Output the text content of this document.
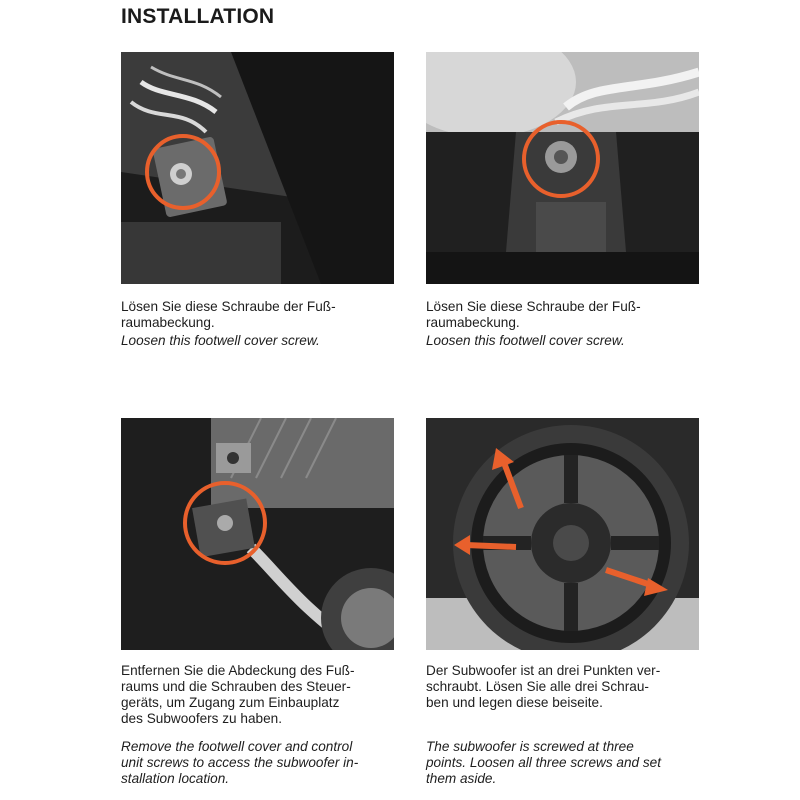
INSTALLATION

Lösen Sie diese Schraube der Fuß-
raumabeckung.

Loosen this footwell cover screw.

Lösen Sie diese Schraube der Fuß-
raumabeckung.

Loosen this footwell cover screw.

Entfernen Sie die Abdeckung des Fuß-
raums und die Schrauben des Steuer-
geräts, um Zugang zum Einbauplatz
des Subwoofers zu haben.

Remove the footwell cover and control
unit screws to access the subwoofer in-
stallation location.

Der Subwoofer ist an drei Punkten ver-
schraubt. Lösen Sie alle drei Schrau-
ben und legen diese beiseite.

The subwoofer is screwed at three
points. Loosen all three screws and set
them aside.
